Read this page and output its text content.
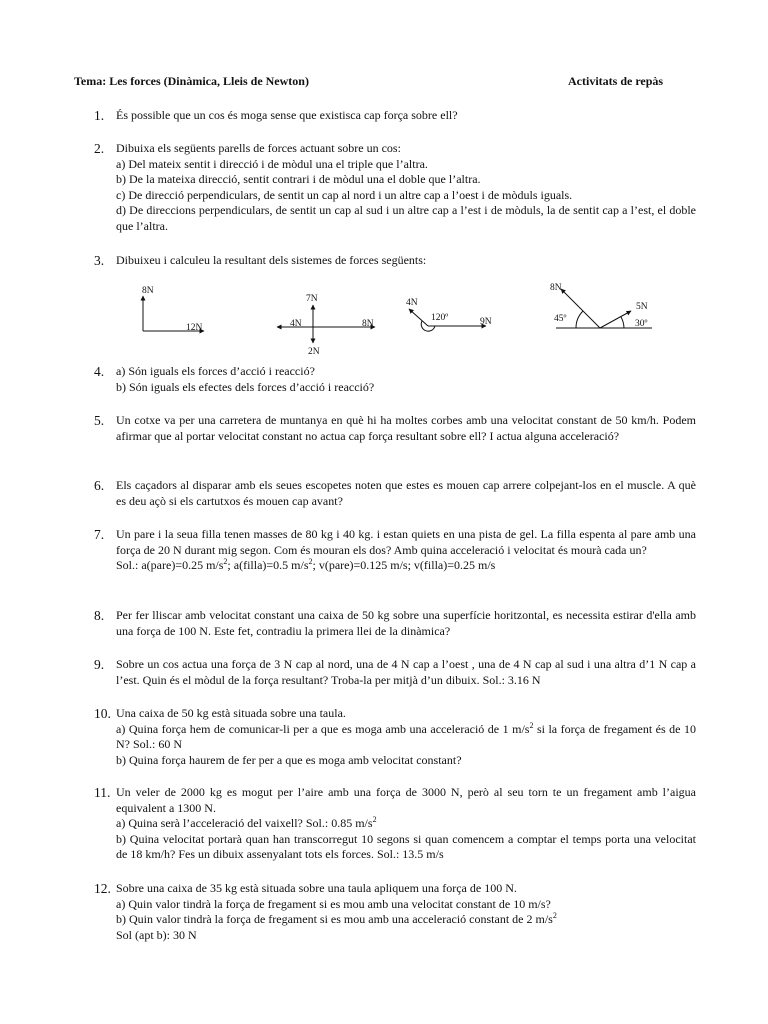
Tema: Les forces (Dinàmica, Lleis de Newton)	Activitats de repàs
1. És possible que un cos és moga sense que existisca cap força sobre ell?
2. Dibuixa els següents parells de forces actuant sobre un cos:
a) Del mateix sentit i direcció i de mòdul una el triple que l’altra.
b) De la mateixa direcció, sentit contrari i de mòdul una el doble que l’altra.
c) De direcció perpendiculars, de sentit un cap al nord i un altre cap a l’oest i de mòduls iguals.
d) De direccions perpendiculars, de sentit un cap al sud i un altre cap a l’est i de mòduls, la de sentit cap a l’est, el doble que l’altra.
3. Dibuixeu i calculeu la resultant dels sistemes de forces següents:
8N
12N
7N
4N	8N
2N
4N
120º	9N
8N
5N
45º	30º
4. a) Són iguals els forces d’acció i reacció?
b) Són iguals els efectes dels forces d’acció i reacció?
5. Un cotxe va per una carretera de muntanya en què hi ha moltes corbes amb una velocitat constant de 50 km/h. Podem afirmar que al portar velocitat constant no actua cap força resultant sobre ell? I actua alguna acceleració?
6. Els caçadors al disparar amb els seues escopetes noten que estes es mouen cap arrere colpejant-los en el muscle. A què es deu açò si els cartutxos és mouen cap avant?
7. Un pare i la seua filla tenen masses de 80 kg i 40 kg. i estan quiets en una pista de gel. La filla espenta al pare amb una força de 20 N durant mig segon. Com és mouran els dos? Amb quina acceleració i velocitat és mourà cada un?
Sol.: a(pare)=0.25 $m/s^2$; a(filla)=0.5 $m/s^2$; v(pare)=0.125 m/s; v(filla)=0.25 m/s
8. Per fer lliscar amb velocitat constant una caixa de 50 kg sobre una superfície horitzontal, es necessita estirar d'ella amb una força de 100 N. Este fet, contradiu la primera llei de la dinàmica?
9. Sobre un cos actua una força de 3 N cap al nord, una de 4 N cap a l’oest , una de 4 N cap al sud i una altra d’1 N cap a l’est. Quin és el mòdul de la força resultant? Troba-la per mitjà d’un dibuix. Sol.: 3.16 N
10. Una caixa de 50 kg està situada sobre una taula.
a) Quina força hem de comunicar-li per a que es moga amb una acceleració de 1 $m/s^2$ si la força de fregament és de 10 N? Sol.: 60 N
b) Quina força haurem de fer per a que es moga amb velocitat constant?
11. Un veler de 2000 kg es mogut per l’aire amb una força de 3000 N, però al seu torn te un fregament amb l’aigua equivalent a 1300 N.
a) Quina serà l’acceleració del vaixell? Sol.: 0.85 $m/s^2$
b) Quina velocitat portarà quan han transcorregut 10 segons si quan comencem a comptar el temps porta una velocitat de 18 km/h? Fes un dibuix assenyalant tots els forces. Sol.: 13.5 m/s
12. Sobre una caixa de 35 kg està situada sobre una taula apliquem una força de 100 N.
a) Quin valor tindrà la força de fregament si es mou amb una velocitat constant de 10 m/s?
b) Quin valor tindrà la força de fregament si es mou amb una acceleració constant de 2 $m/s^2$
Sol (apt b): 30 N
